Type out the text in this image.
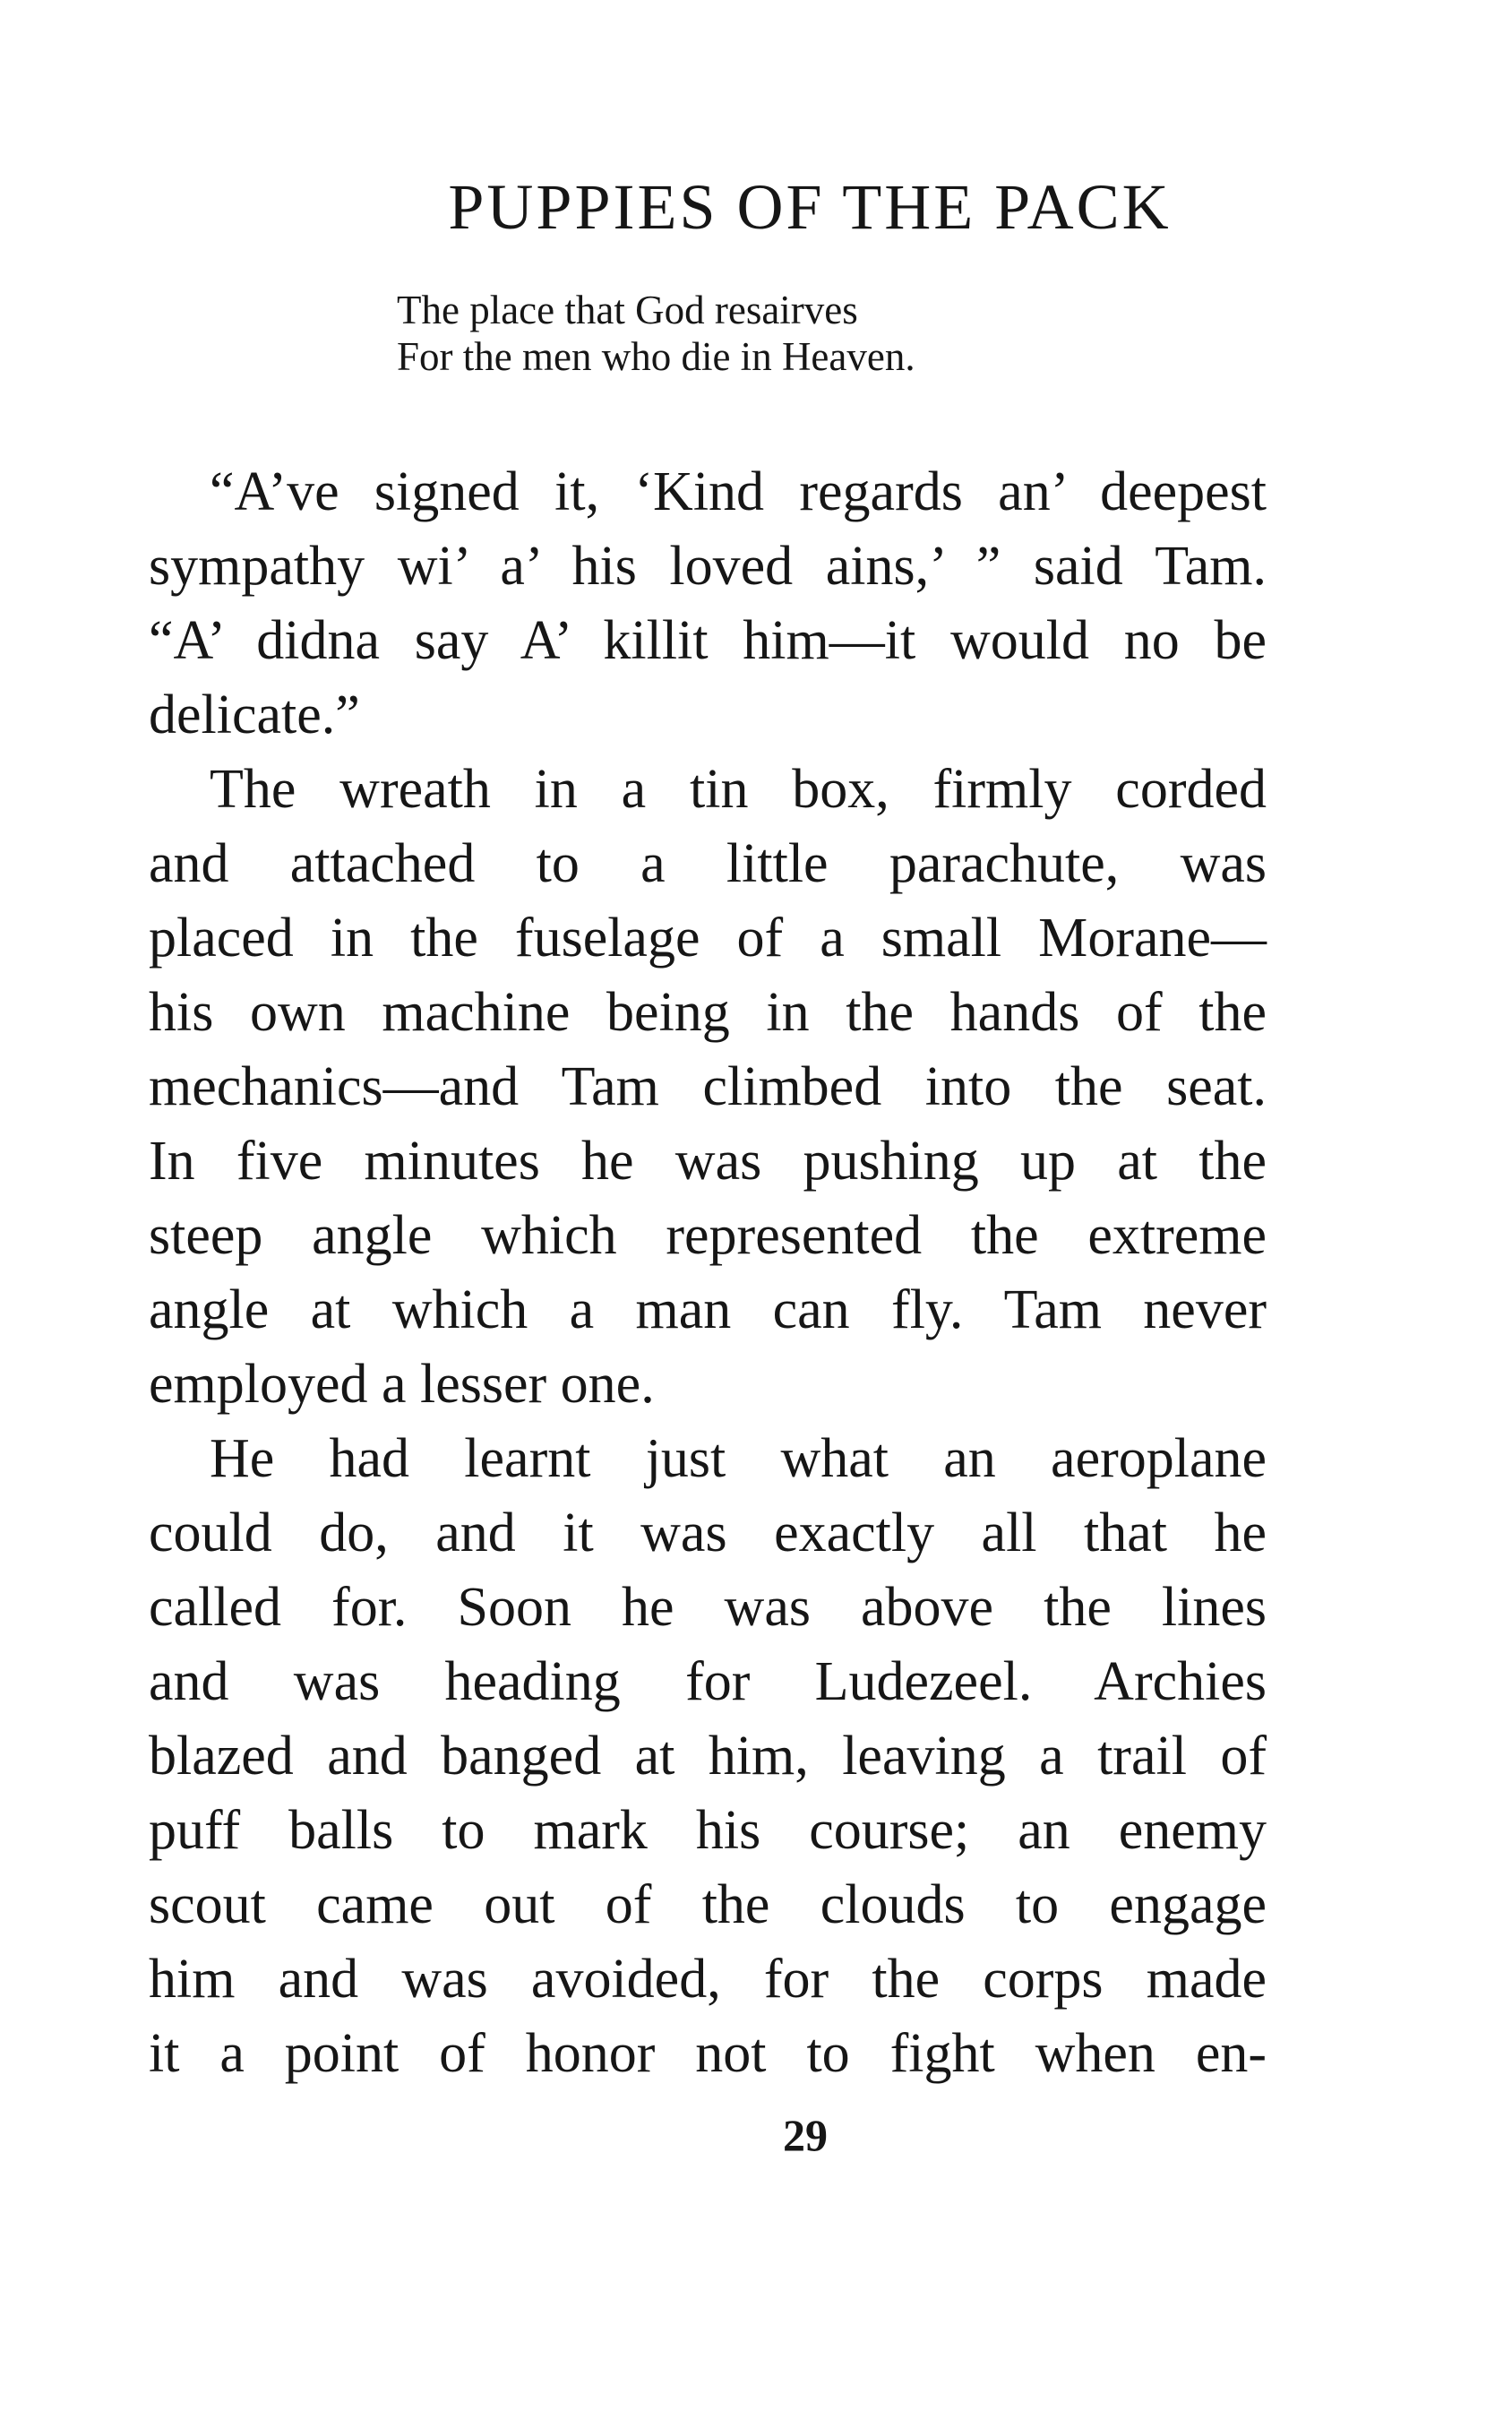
PUPPIES OF THE PACK
The place that God resairves
For the men who die in Heaven.
“A’ve signed it, ‘Kind regards an’ deepest
sympathy wi’ a’ his loved ains,’ ” said Tam.
“A’ didna say A’ killit him—it would no be
delicate.”
The wreath in a tin box, firmly corded
and attached to a little parachute, was
placed in the fuselage of a small Morane—
his own machine being in the hands of the
mechanics—and Tam climbed into the seat.
In five minutes he was pushing up at the
steep angle which represented the extreme
angle at which a man can fly. Tam never
employed a lesser one.
He had learnt just what an aeroplane
could do, and it was exactly all that he
called for. Soon he was above the lines
and was heading for Ludezeel. Archies
blazed and banged at him, leaving a trail of
puff balls to mark his course; an enemy
scout came out of the clouds to engage
him and was avoided, for the corps made
it a point of honor not to fight when en-
29
